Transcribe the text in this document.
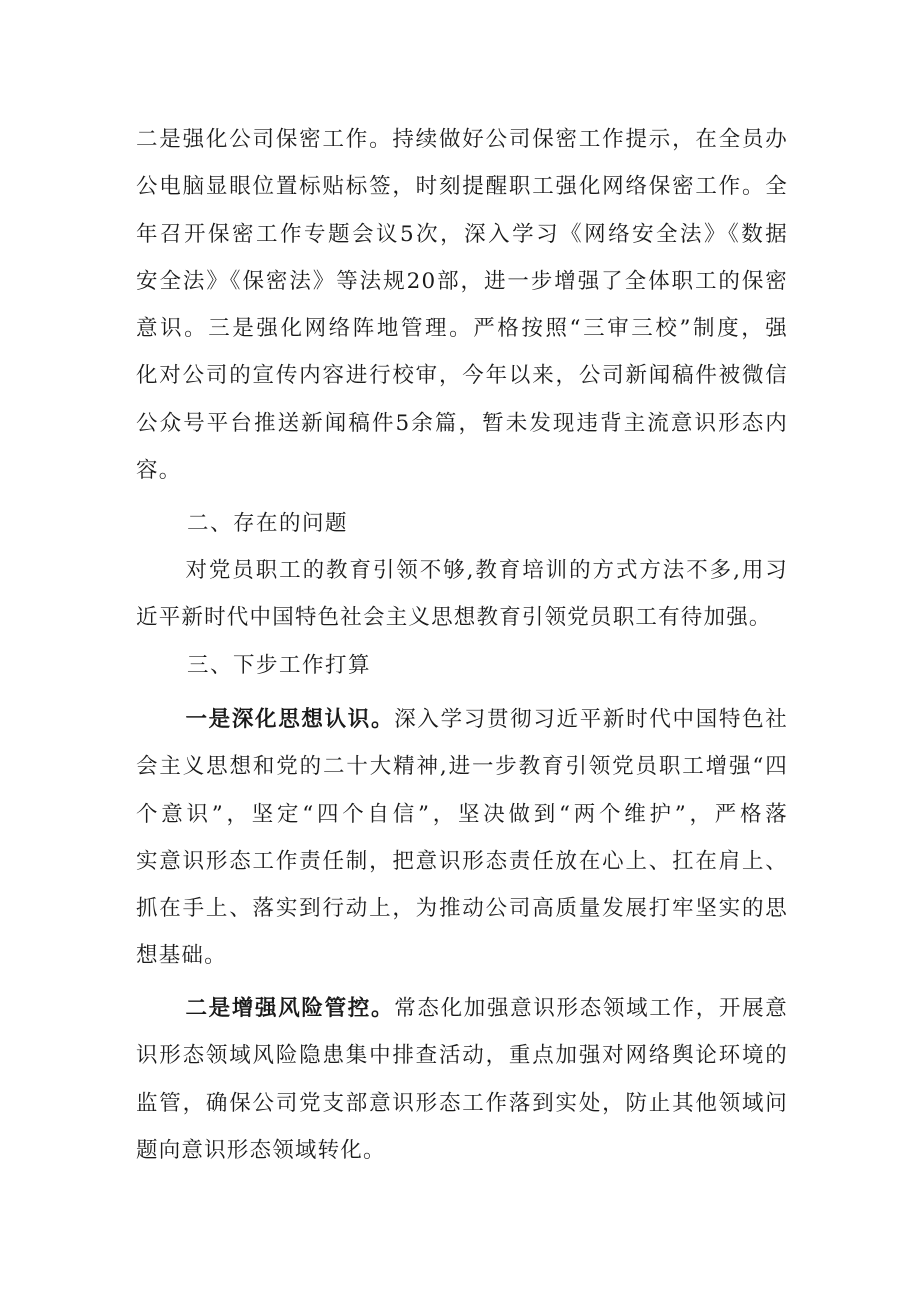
二是强化公司保密工作。持续做好公司保密工作提示，在全员办
公电脑显眼位置标贴标签，时刻提醒职工强化网络保密工作。全
年召开保密工作专题会议5次，深入学习《网络安全法》《数据
安全法》《保密法》等法规20部，进一步增强了全体职工的保密
意识。三是强化网络阵地管理。严格按照“三审三校”制度，强
化对公司的宣传内容进行校审，今年以来，公司新闻稿件被微信
公众号平台推送新闻稿件5余篇，暂未发现违背主流意识形态内
容。
二、存在的问题
对党员职工的教育引领不够,教育培训的方式方法不多,用习
近平新时代中国特色社会主义思想教育引领党员职工有待加强。
三、下步工作打算
一是深化思想认识。深入学习贯彻习近平新时代中国特色社
会主义思想和党的二十大精神,进一步教育引领党员职工增强“四
个意识”，坚定“四个自信”，坚决做到“两个维护”，严格落
实意识形态工作责任制，把意识形态责任放在心上、扛在肩上、
抓在手上、落实到行动上，为推动公司高质量发展打牢坚实的思
想基础。
二是增强风险管控。常态化加强意识形态领域工作，开展意
识形态领域风险隐患集中排查活动，重点加强对网络舆论环境的
监管，确保公司党支部意识形态工作落到实处，防止其他领域问
题向意识形态领域转化。
